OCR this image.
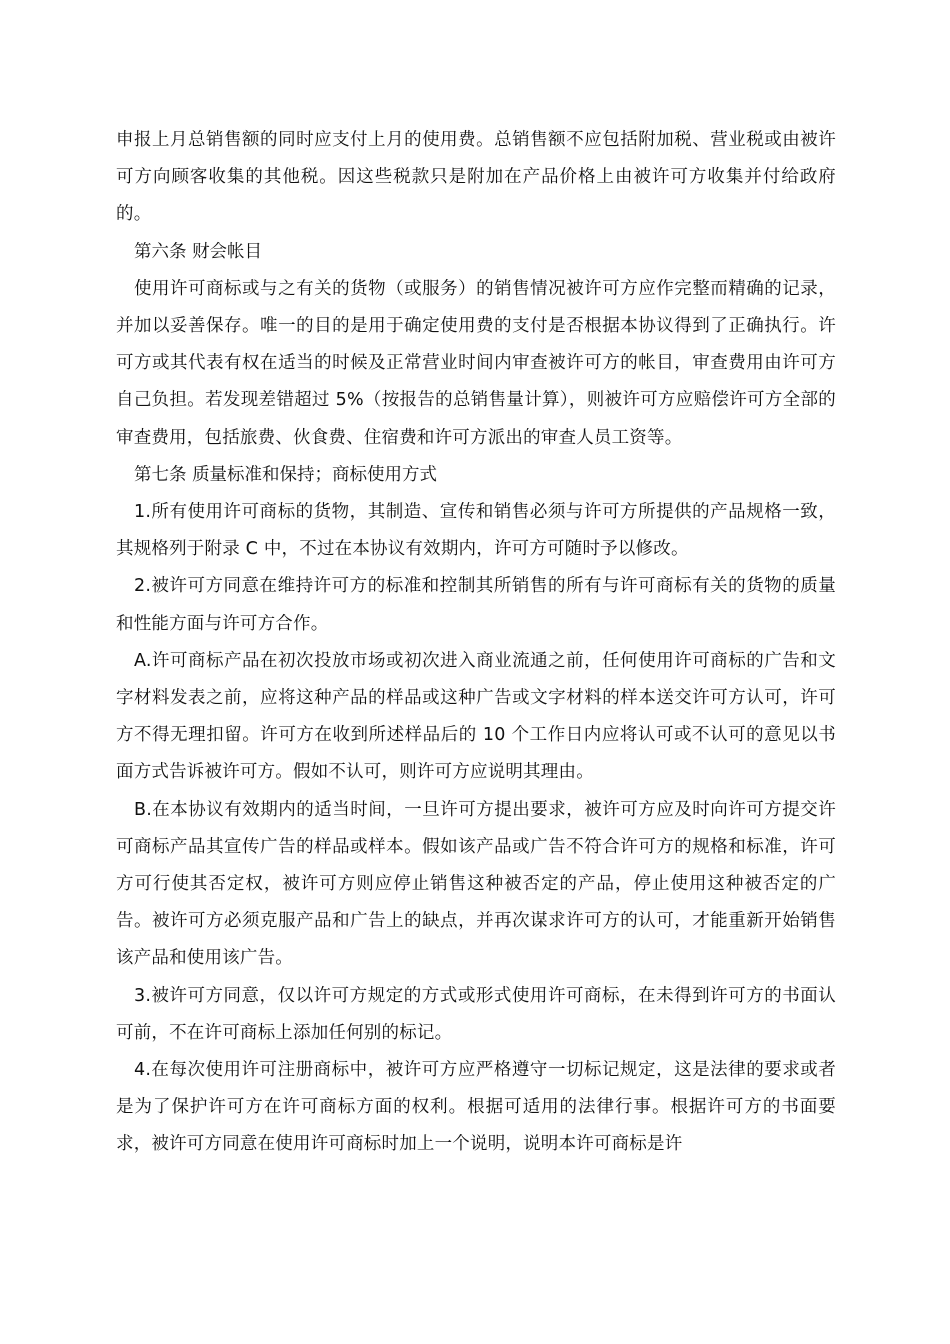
申报上月总销售额的同时应支付上月的使用费。总销售额不应包括附加税、营业税或由被许可方向顾客收集的其他税。因这些税款只是附加在产品价格上由被许可方收集并付给政府的。

第六条 财会帐目

使用许可商标或与之有关的货物（或服务）的销售情况被许可方应作完整而精确的记录，并加以妥善保存。唯一的目的是用于确定使用费的支付是否根据本协议得到了正确执行。许可方或其代表有权在适当的时候及正常营业时间内审查被许可方的帐目，审查费用由许可方自己负担。若发现差错超过 5%（按报告的总销售量计算），则被许可方应赔偿许可方全部的审查费用，包括旅费、伙食费、住宿费和许可方派出的审查人员工资等。

第七条 质量标准和保持；商标使用方式

1.所有使用许可商标的货物，其制造、宣传和销售必须与许可方所提供的产品规格一致，其规格列于附录 C 中，不过在本协议有效期内，许可方可随时予以修改。

2.被许可方同意在维持许可方的标准和控制其所销售的所有与许可商标有关的货物的质量和性能方面与许可方合作。

A.许可商标产品在初次投放市场或初次进入商业流通之前，任何使用许可商标的广告和文字材料发表之前，应将这种产品的样品或这种广告或文字材料的样本送交许可方认可，许可方不得无理扣留。许可方在收到所述样品后的 10 个工作日内应将认可或不认可的意见以书面方式告诉被许可方。假如不认可，则许可方应说明其理由。

B.在本协议有效期内的适当时间，一旦许可方提出要求，被许可方应及时向许可方提交许可商标产品其宣传广告的样品或样本。假如该产品或广告不符合许可方的规格和标准，许可方可行使其否定权，被许可方则应停止销售这种被否定的产品，停止使用这种被否定的广告。被许可方必须克服产品和广告上的缺点，并再次谋求许可方的认可，才能重新开始销售该产品和使用该广告。

3.被许可方同意，仅以许可方规定的方式或形式使用许可商标，在未得到许可方的书面认可前，不在许可商标上添加任何别的标记。

4.在每次使用许可注册商标中，被许可方应严格遵守一切标记规定，这是法律的要求或者是为了保护许可方在许可商标方面的权利。根据可适用的法律行事。根据许可方的书面要求，被许可方同意在使用许可商标时加上一个说明，说明本许可商标是许
